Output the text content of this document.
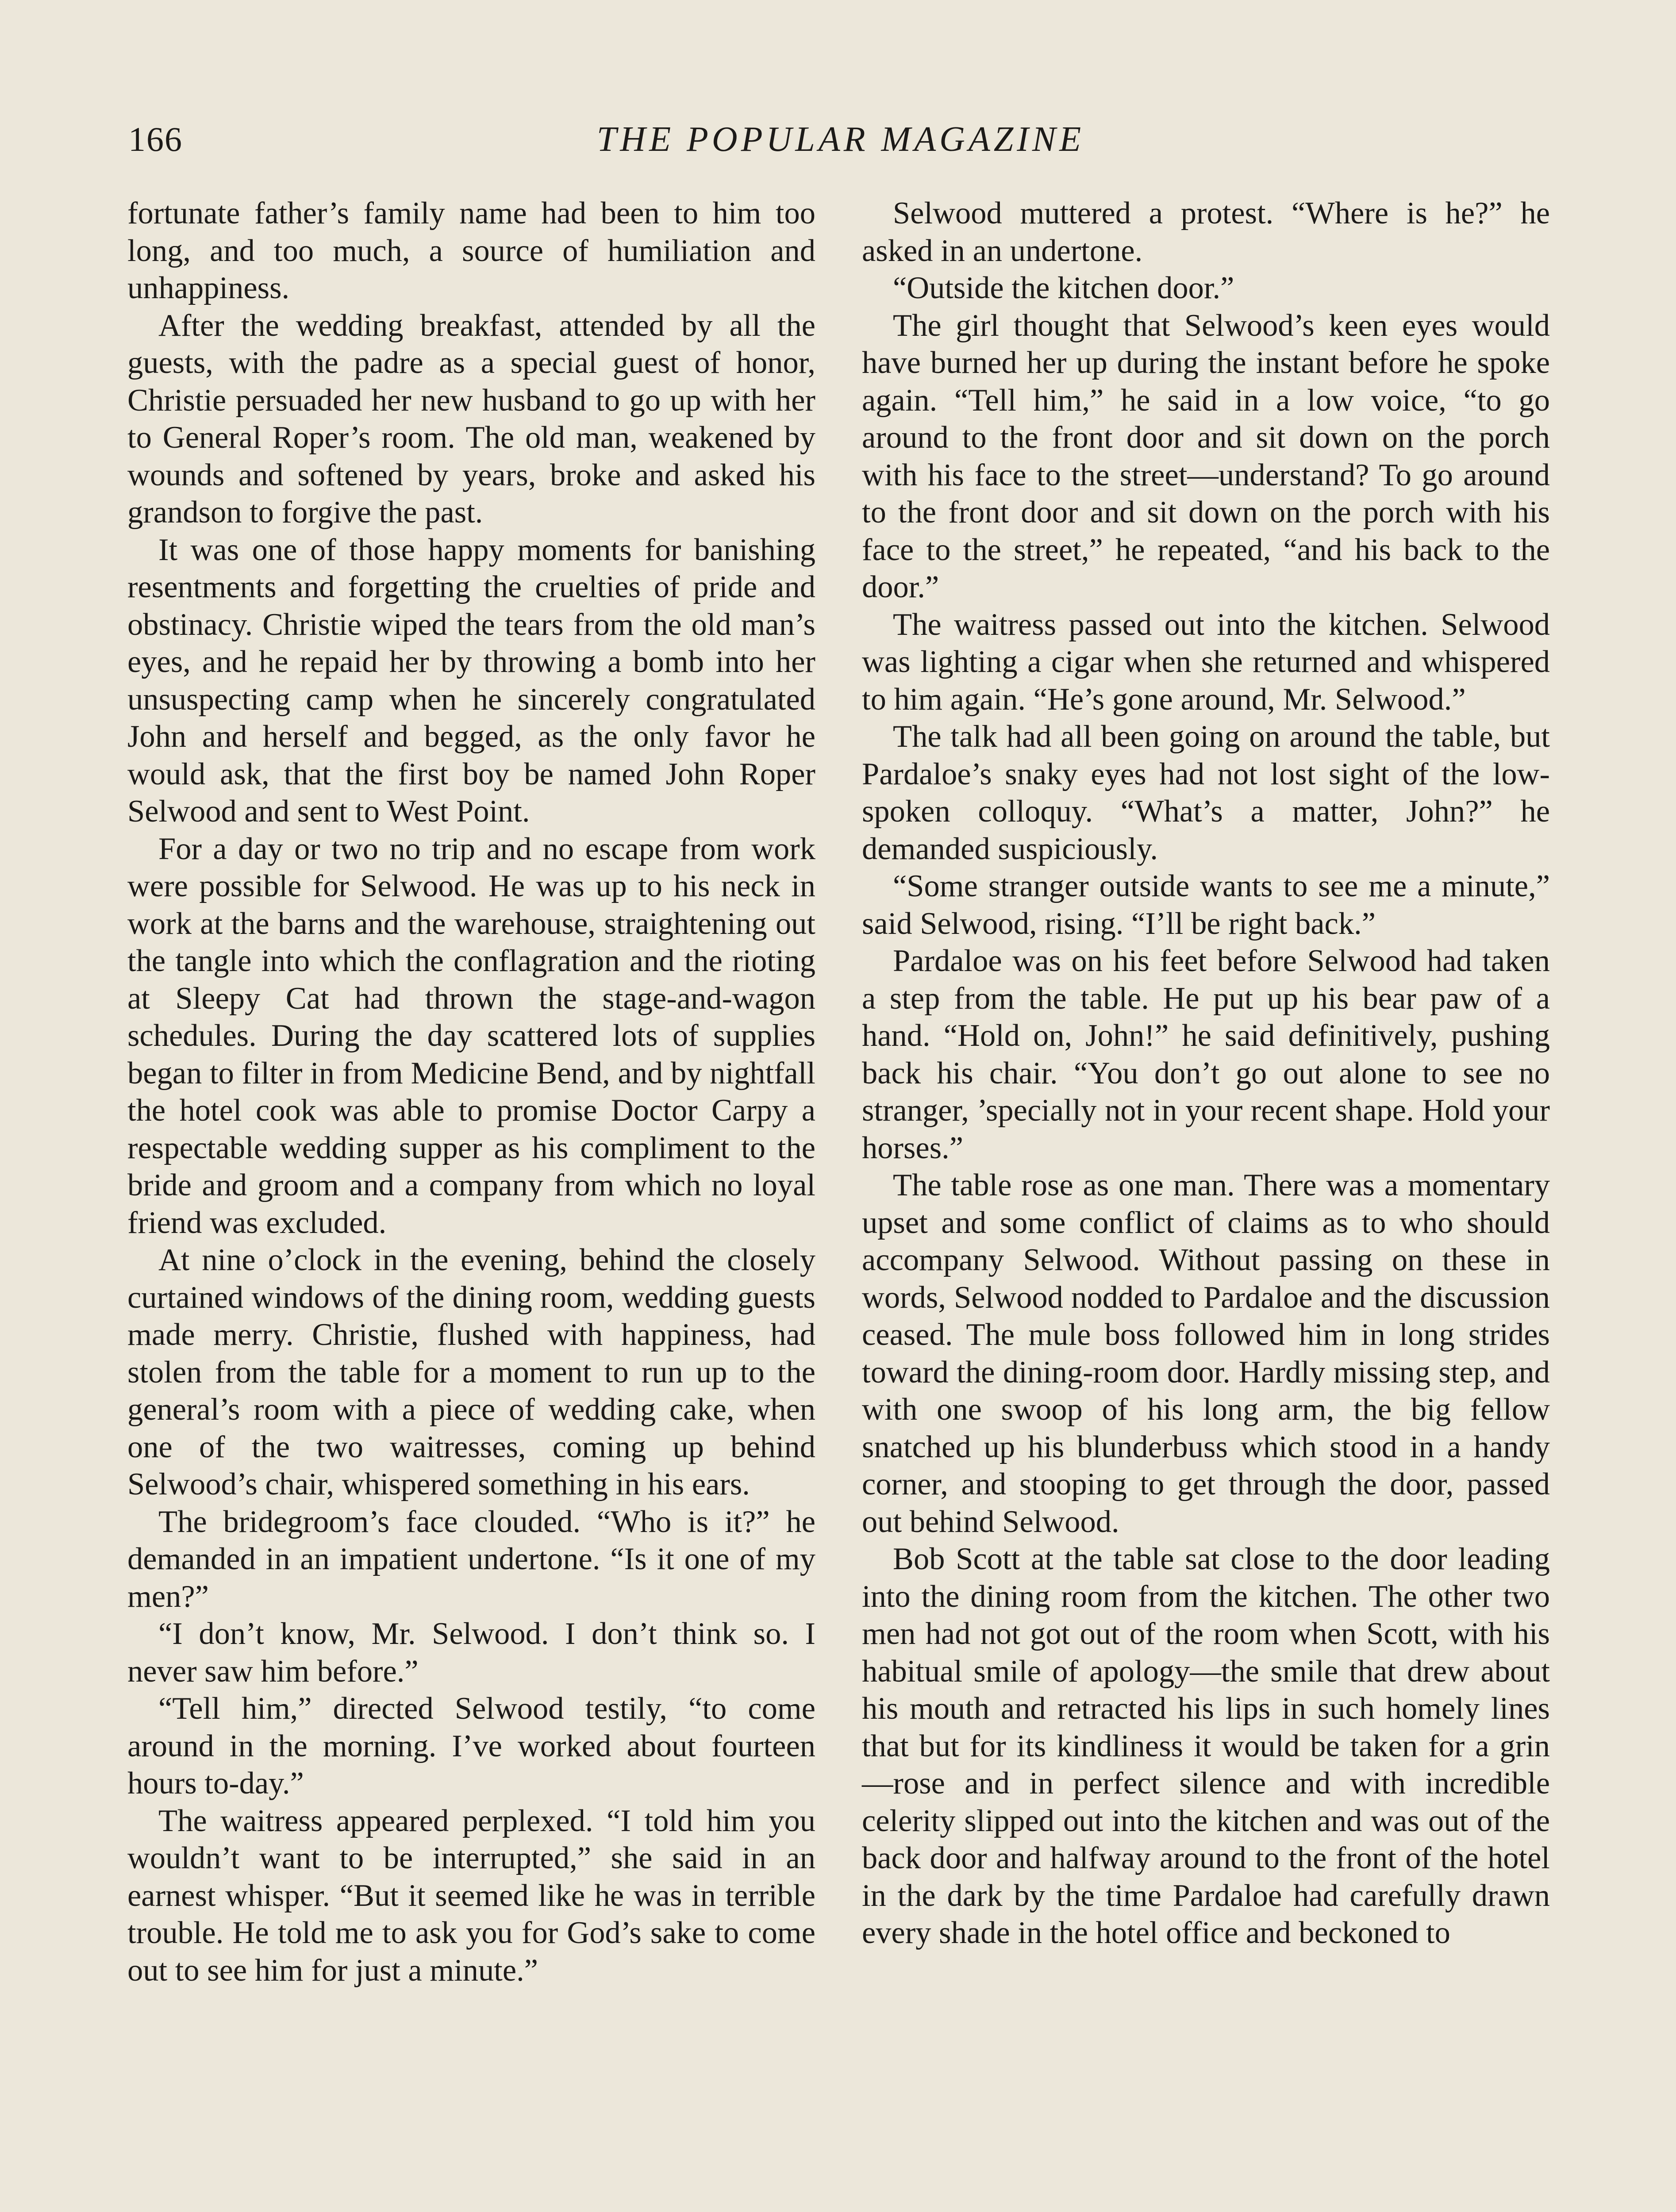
166	THE POPULAR MAGAZINE

fortunate father’s family name had been to him too long, and too much, a source of humiliation and unhappiness.

After the wedding breakfast, attended by all the guests, with the padre as a special guest of honor, Christie persuaded her new husband to go up with her to General Roper’s room. The old man, weakened by wounds and softened by years, broke and asked his grandson to forgive the past.

It was one of those happy moments for banishing resentments and forgetting the cruelties of pride and obstinacy. Christie wiped the tears from the old man’s eyes, and he repaid her by throwing a bomb into her unsuspecting camp when he sincerely congratulated John and herself and begged, as the only favor he would ask, that the first boy be named John Roper Selwood and sent to West Point.

For a day or two no trip and no escape from work were possible for Selwood. He was up to his neck in work at the barns and the warehouse, straightening out the tangle into which the conflagration and the rioting at Sleepy Cat had thrown the stage-and-wagon schedules. During the day scattered lots of supplies began to filter in from Medicine Bend, and by nightfall the hotel cook was able to promise Doctor Carpy a respectable wedding supper as his compliment to the bride and groom and a company from which no loyal friend was excluded.

At nine o’clock in the evening, behind the closely curtained windows of the dining room, wedding guests made merry. Christie, flushed with happiness, had stolen from the table for a moment to run up to the general’s room with a piece of wedding cake, when one of the two waitresses, coming up behind Selwood’s chair, whispered something in his ears.

The bridegroom’s face clouded. “Who is it?” he demanded in an impatient undertone. “Is it one of my men?”

“I don’t know, Mr. Selwood. I don’t think so. I never saw him before.”

“Tell him,” directed Selwood testily, “to come around in the morning. I’ve worked about fourteen hours to-day.”

The waitress appeared perplexed. “I told him you wouldn’t want to be interrupted,” she said in an earnest whisper. “But it seemed like he was in terrible trouble. He told me to ask you for God’s sake to come out to see him for just a minute.”

Selwood muttered a protest. “Where is he?” he asked in an undertone.

“Outside the kitchen door.”

The girl thought that Selwood’s keen eyes would have burned her up during the instant before he spoke again. “Tell him,” he said in a low voice, “to go around to the front door and sit down on the porch with his face to the street—understand? To go around to the front door and sit down on the porch with his face to the street,” he repeated, “and his back to the door.”

The waitress passed out into the kitchen. Selwood was lighting a cigar when she returned and whispered to him again. “He’s gone around, Mr. Selwood.”

The talk had all been going on around the table, but Pardaloe’s snaky eyes had not lost sight of the low-spoken colloquy. “What’s a matter, John?” he demanded suspiciously.

“Some stranger outside wants to see me a minute,” said Selwood, rising. “I’ll be right back.”

Pardaloe was on his feet before Selwood had taken a step from the table. He put up his bear paw of a hand. “Hold on, John!” he said definitively, pushing back his chair. “You don’t go out alone to see no stranger, ’specially not in your recent shape. Hold your horses.”

The table rose as one man. There was a momentary upset and some conflict of claims as to who should accompany Selwood. Without passing on these in words, Selwood nodded to Pardaloe and the discussion ceased. The mule boss followed him in long strides toward the dining-room door. Hardly missing step, and with one swoop of his long arm, the big fellow snatched up his blunderbuss which stood in a handy corner, and stooping to get through the door, passed out behind Selwood.

Bob Scott at the table sat close to the door leading into the dining room from the kitchen. The other two men had not got out of the room when Scott, with his habitual smile of apology—the smile that drew about his mouth and retracted his lips in such homely lines that but for its kindliness it would be taken for a grin—rose and in perfect silence and with incredible celerity slipped out into the kitchen and was out of the back door and halfway around to the front of the hotel in the dark by the time Pardaloe had carefully drawn every shade in the hotel office and beckoned to
